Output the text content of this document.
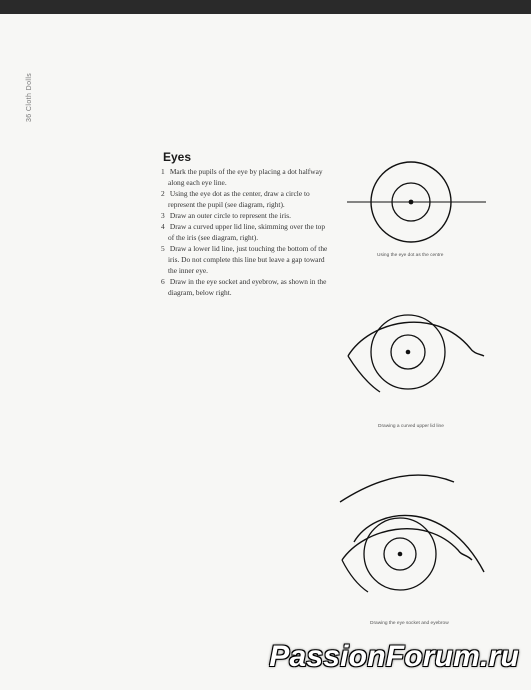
36 Cloth Dolls
Eyes
1 Mark the pupils of the eye by placing a dot halfway along each eye line.
2 Using the eye dot as the center, draw a circle to represent the pupil (see diagram, right).
3 Draw an outer circle to represent the iris.
4 Draw a curved upper lid line, skimming over the top of the iris (see diagram, right).
5 Draw a lower lid line, just touching the bottom of the iris. Do not complete this line but leave a gap toward the inner eye.
6 Draw in the eye socket and eyebrow, as shown in the diagram, below right.
Using the eye dot as the centre
Drawing a curved upper lid line
Drawing the eye socket and eyebrow
PassionForum.ru
